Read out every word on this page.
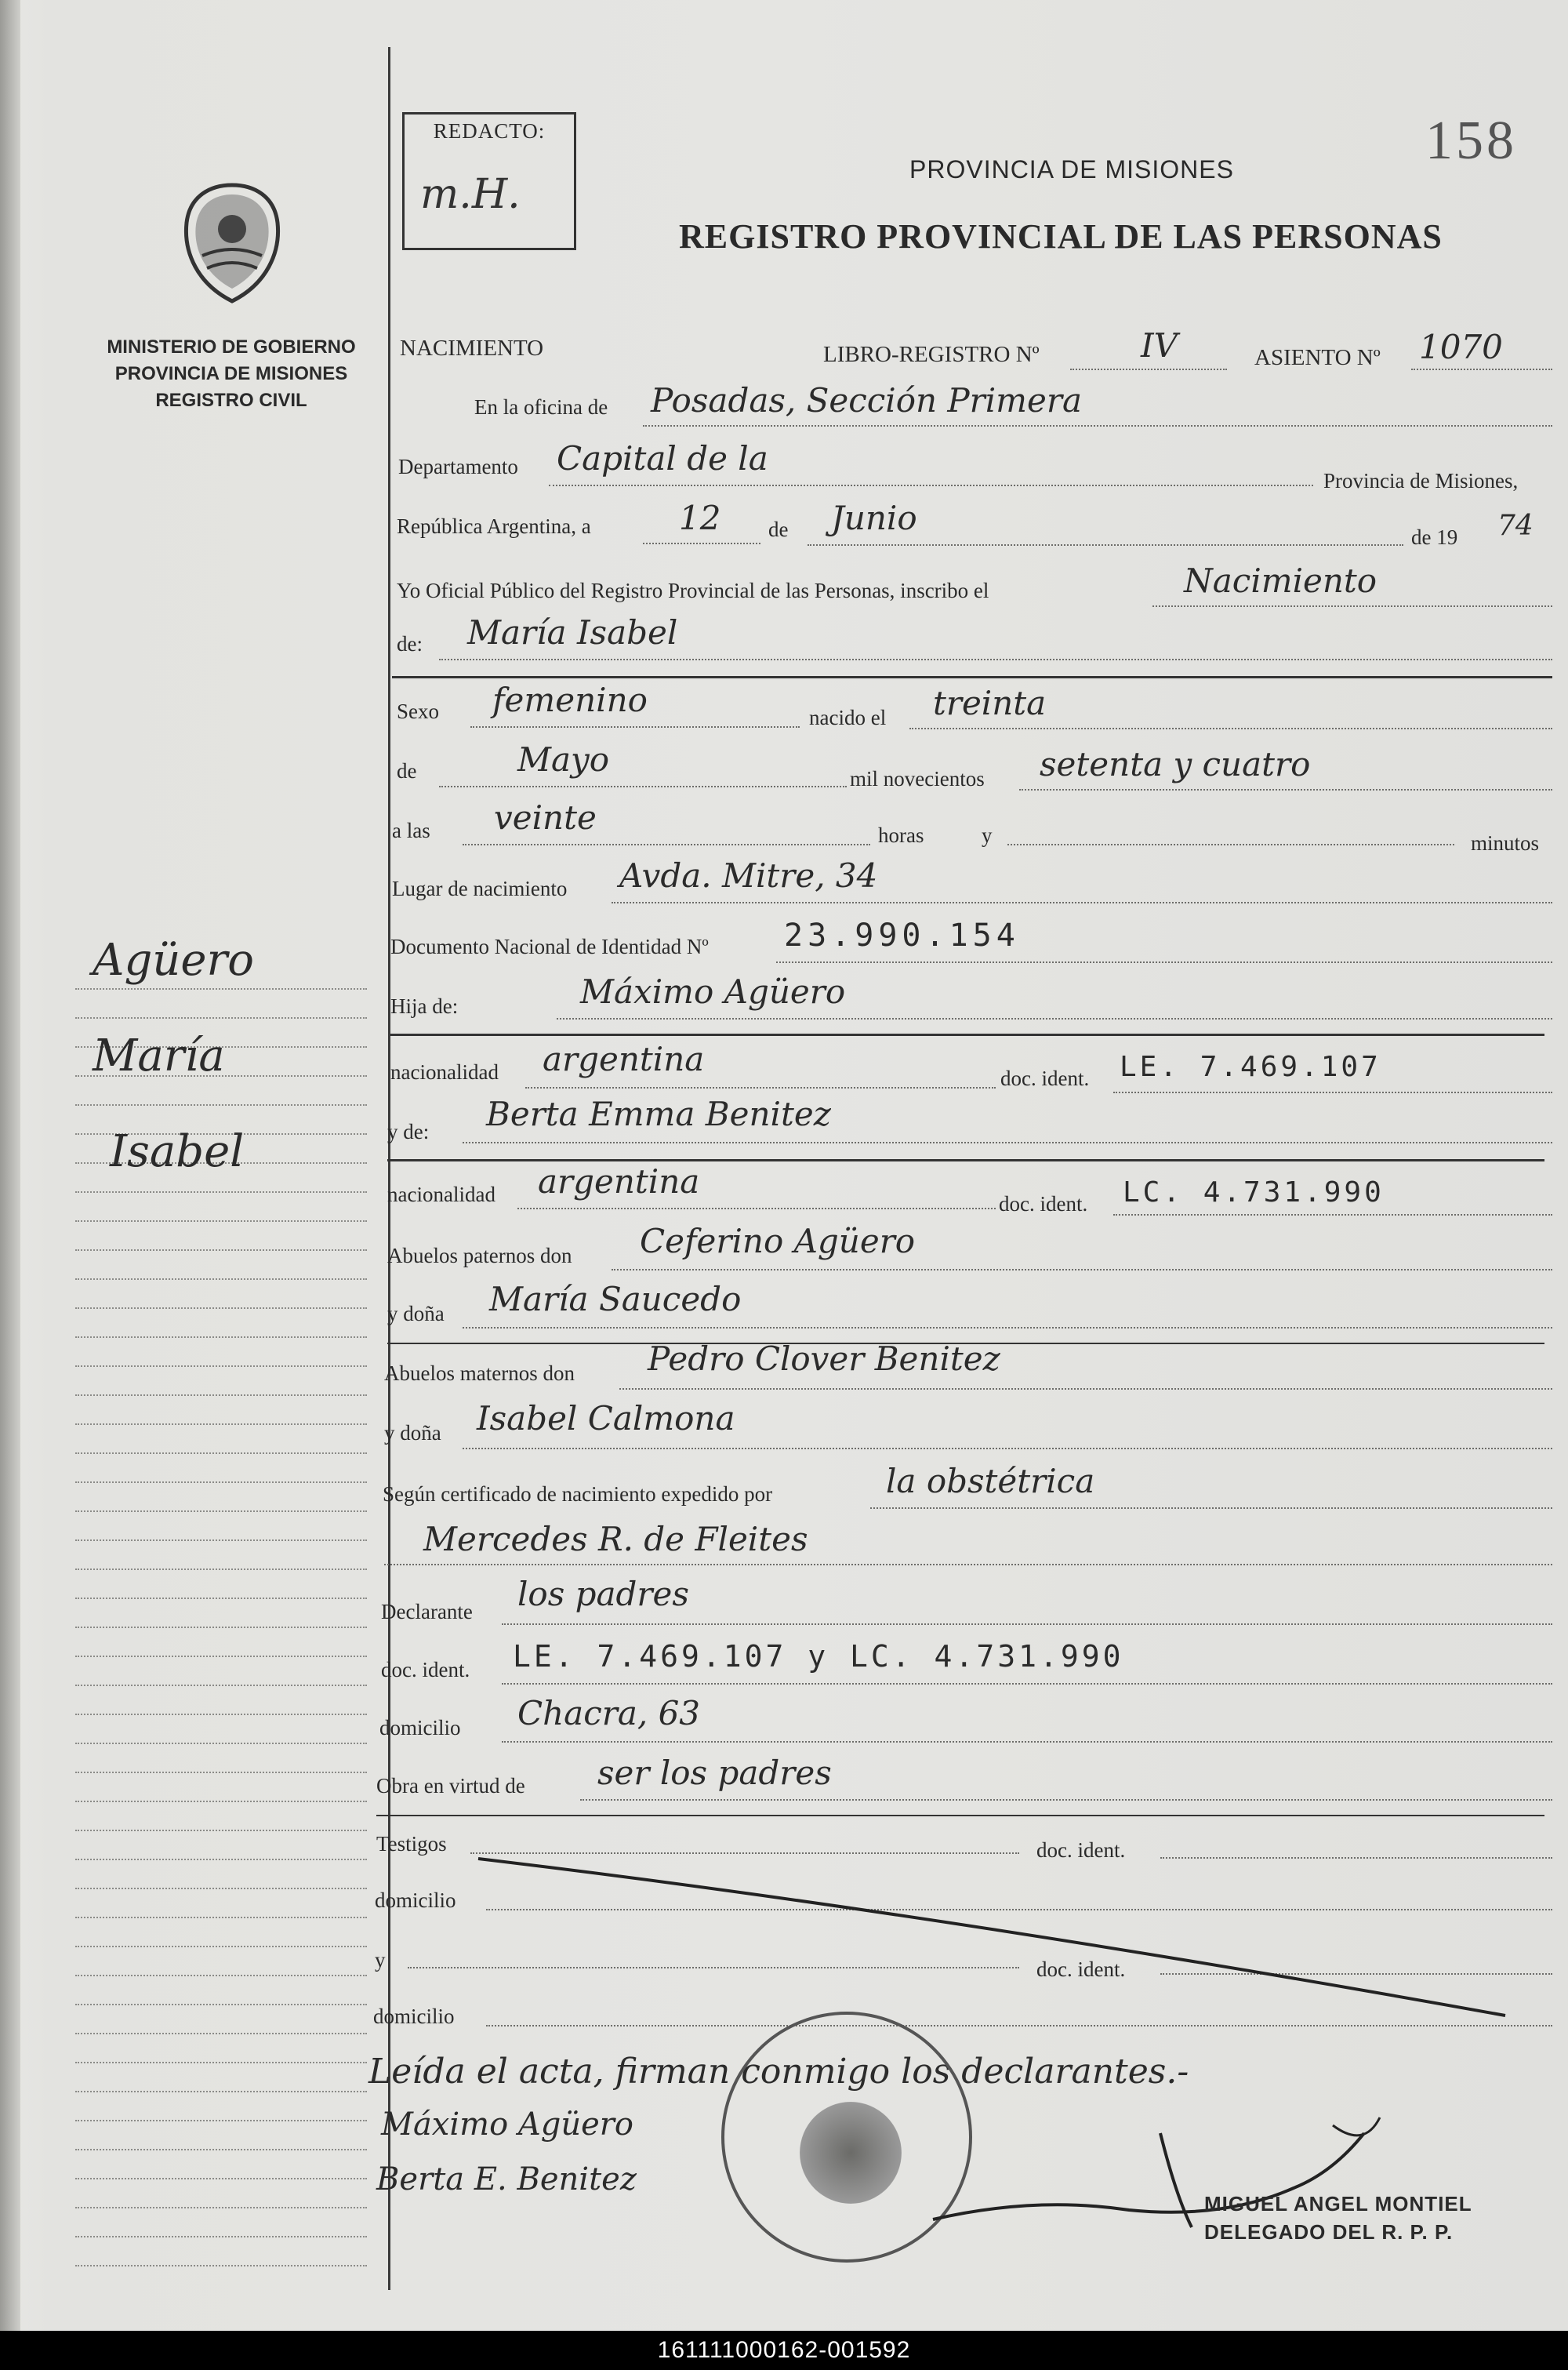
REDACTO:
m.H.
158
PROVINCIA DE MISIONES
REGISTRO PROVINCIAL DE LAS PERSONAS
MINISTERIO DE GOBIERNO
PROVINCIA DE MISIONES
REGISTRO CIVIL
Agüero
María
Isabel
NACIMIENTO	LIBRO-REGISTRO Nº	IV	ASIENTO Nº 1070
En la oficina de Posadas, Sección Primera
Departamento Capital de la
Provincia de Misiones,
República Argentina, a	12 de Junio	de 19 74
Yo Oficial Público del Registro Provincial de las Personas, inscribo el	Nacimiento
de: María Isabel
Sexo femenino	nacido el treinta
de	Mayo	mil novecientos setenta y cuatro
a las veinte	horas	y	minutos
Lugar de nacimiento Avda. Mitre, 34
Documento Nacional de Identidad Nº 23.990.154
Hija de:	Máximo Agüero
nacionalidad argentina	doc. ident. LE. 7.469.107
y de: Berta Emma Benitez
nacionalidad argentina
doc. ident. LC. 4.731.990
Abuelos paternos don Ceferino Agüero
y doña María Saucedo
Abuelos maternos don Pedro Clover Benitez
y doña Isabel Calmona
Según certificado de nacimiento expedido por	la obstétrica
Mercedes R. de Fleites
Declarante los padres
doc. ident. LE. 7.469.107 y LC. 4.731.990
domicilio Chacra, 63
Obra en virtud de ser los padres
Testigos	doc. ident.
domicilio
y	doc. ident.
domicilio
Leída el acta, firman conmigo los declarantes.-
Máximo Agüero
Berta E. Benitez
MIGUEL ANGEL MONTIEL
DELEGADO DEL R. P. P.
161111000162-001592
